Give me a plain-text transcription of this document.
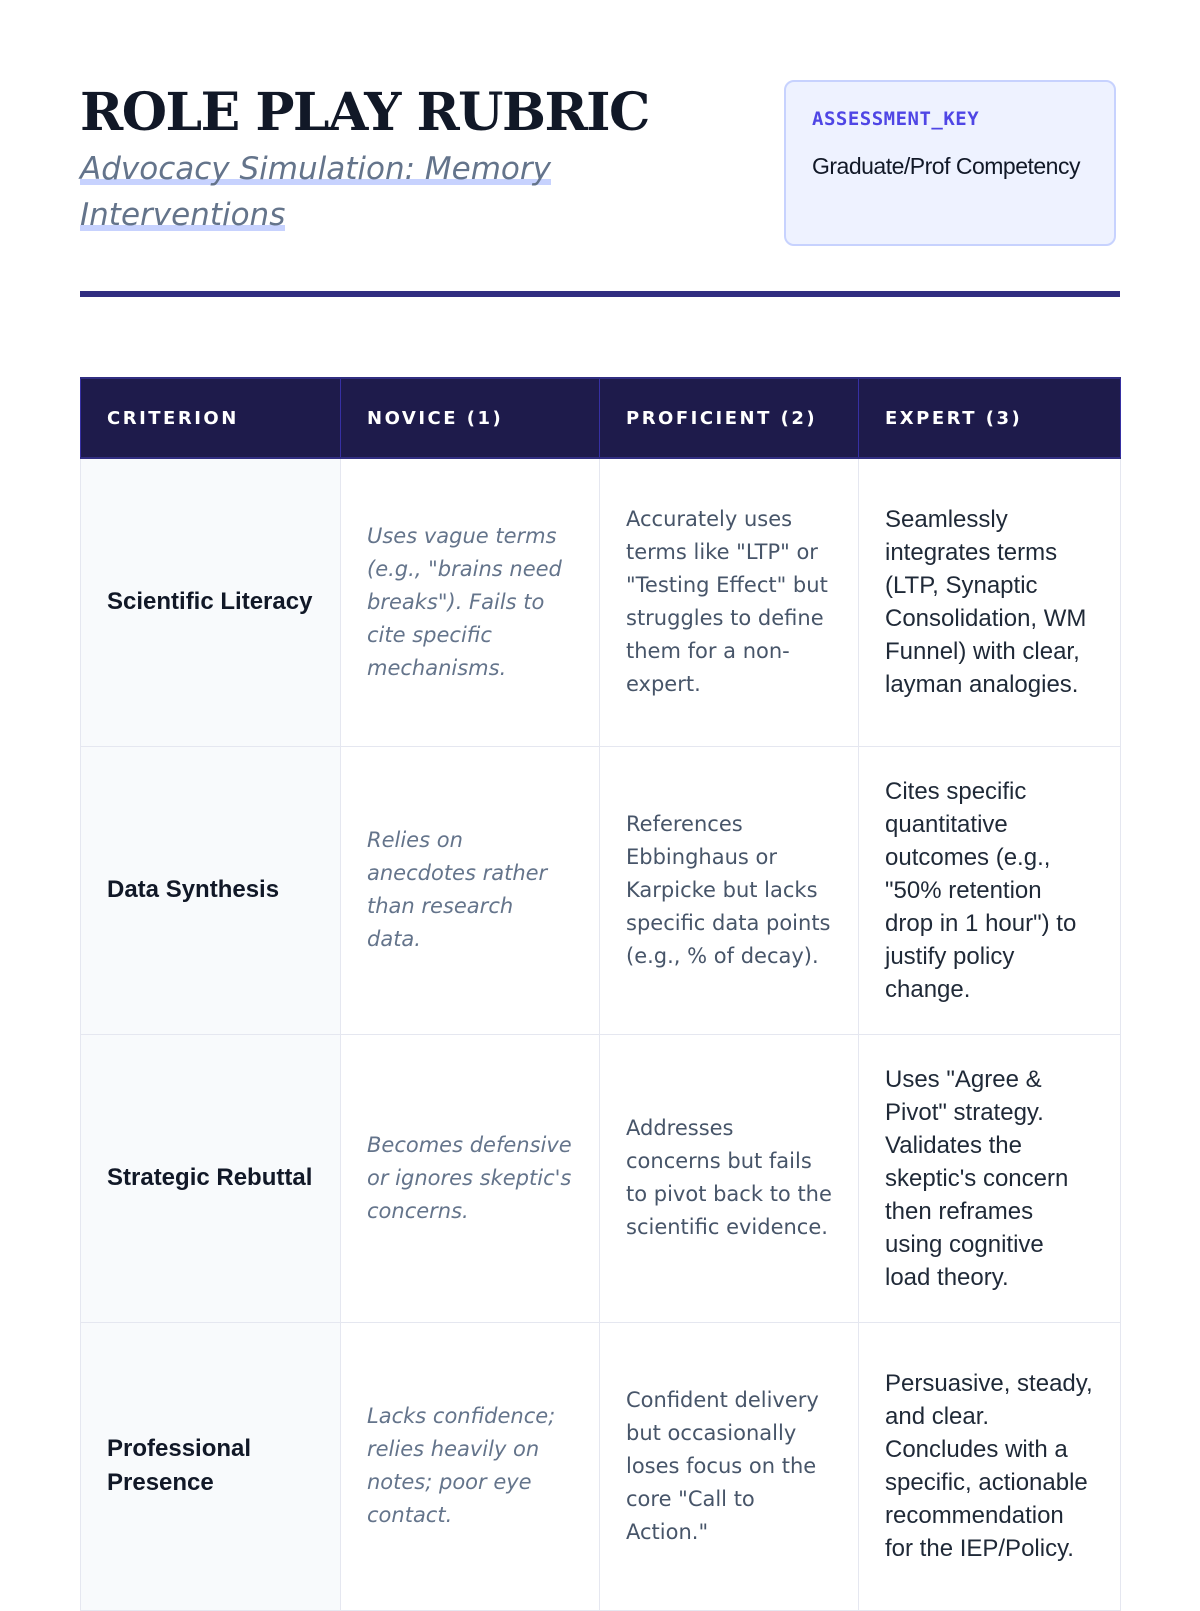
ROLE PLAY RUBRIC
Advocacy Simulation: Memory
Interventions
ASSESSMENT_KEY
Graduate/Prof Competency
CRITERION	NOVICE (1)	PROFICIENT (2)	EXPERT (3)
Scientific Literacy	Uses vague terms (e.g., "brains need breaks"). Fails to cite specific mechanisms.	Accurately uses terms like "LTP" or "Testing Effect" but struggles to define them for a non-expert.	Seamlessly integrates terms (LTP, Synaptic Consolidation, WM Funnel) with clear, layman analogies.
Data Synthesis	Relies on anecdotes rather than research data.	References Ebbinghaus or Karpicke but lacks specific data points (e.g., % of decay).	Cites specific quantitative outcomes (e.g., "50% retention drop in 1 hour") to justify policy change.
Strategic Rebuttal	Becomes defensive or ignores skeptic's concerns.	Addresses concerns but fails to pivot back to the scientific evidence.	Uses "Agree & Pivot" strategy. Validates the skeptic's concern then reframes using cognitive load theory.
Professional Presence	Lacks confidence; relies heavily on notes; poor eye contact.	Confident delivery but occasionally loses focus on the core "Call to Action."	Persuasive, steady, and clear. Concludes with a specific, actionable recommendation for the IEP/Policy.
